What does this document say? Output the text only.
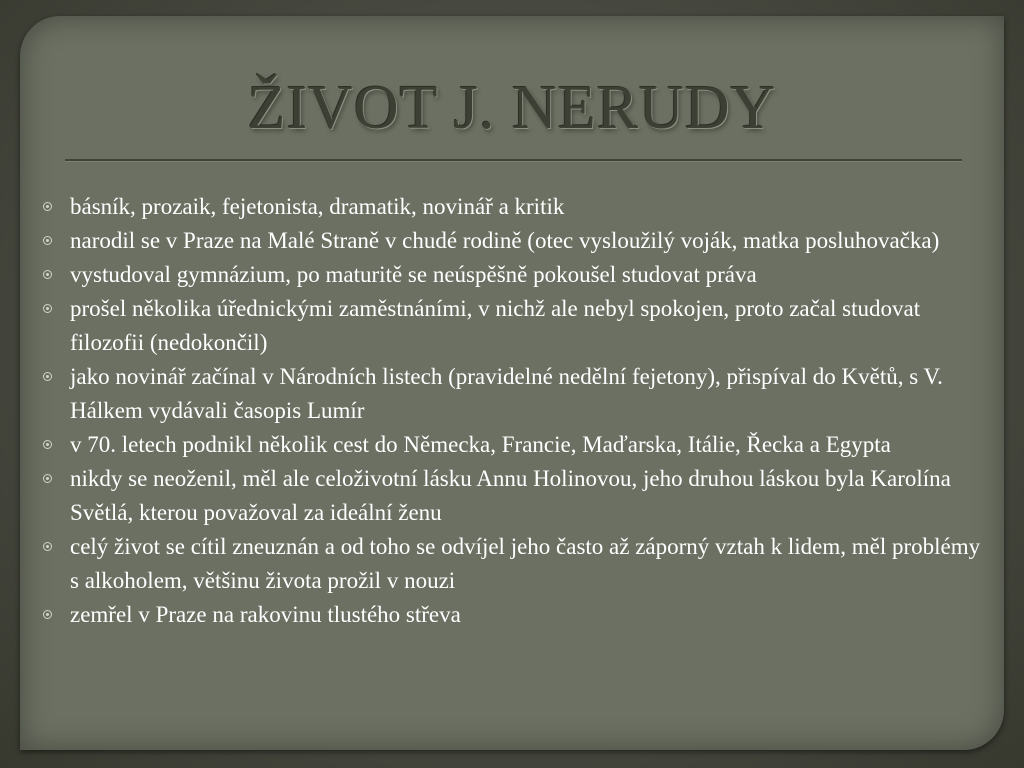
ŽIVOT J. NERUDY
básník, prozaik, fejetonista, dramatik, novinář a kritik
narodil se v Praze na Malé Straně v chudé rodině (otec vysloužilý voják, matka posluhovačka)
vystudoval gymnázium, po maturitě se neúspěšně pokoušel studovat práva
prošel několika úřednickými zaměstnáními, v nichž ale nebyl spokojen, proto začal studovat filozofii (nedokončil)
jako novinář začínal v Národních listech (pravidelné nedělní fejetony), přispíval do Květů, s V. Hálkem vydávali časopis Lumír
v 70. letech podnikl několik cest do Německa, Francie, Maďarska, Itálie, Řecka a Egypta
nikdy se neoženil, měl ale celoživotní lásku Annu Holinovou, jeho druhou láskou byla Karolína Světlá, kterou považoval za ideální ženu
celý život se cítil zneuznán a od toho se odvíjel jeho často až záporný vztah k lidem, měl problémy s alkoholem, většinu života prožil v nouzi
zemřel v Praze na rakovinu tlustého střeva
